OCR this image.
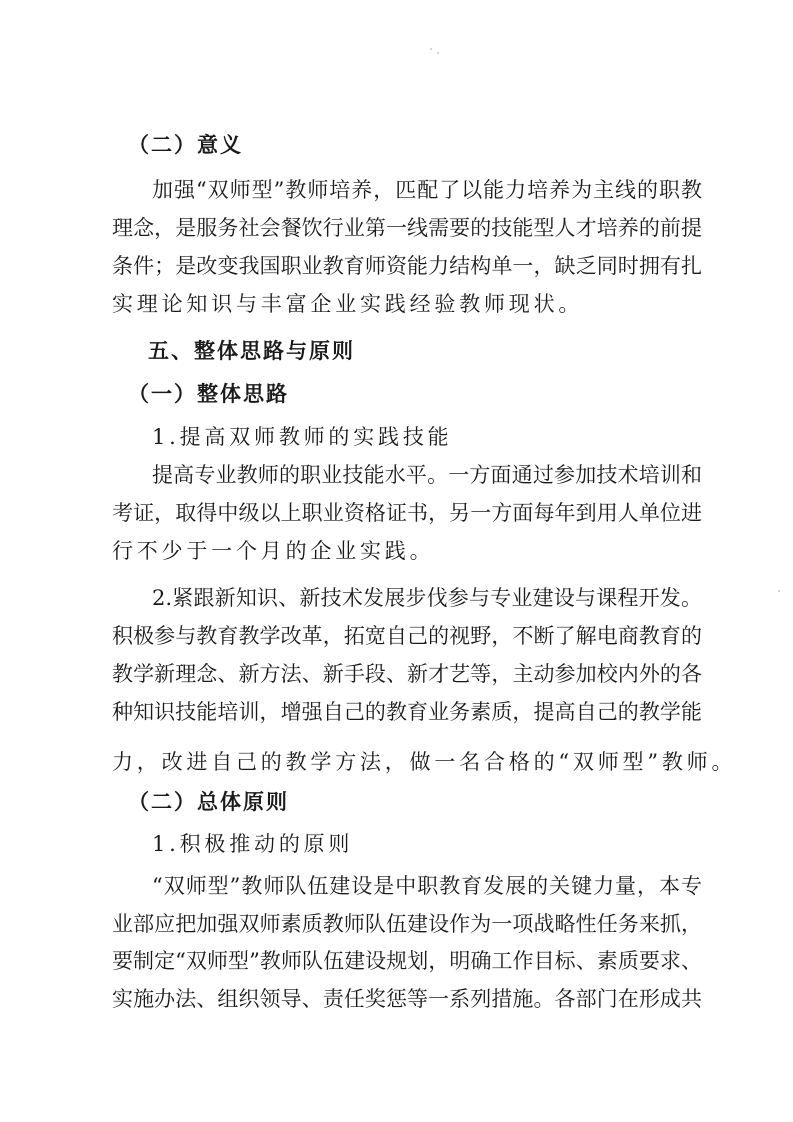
（二）意义
加强“双师型”教师培养，匹配了以能力培养为主线的职教
理念，是服务社会餐饮行业第一线需要的技能型人才培养的前提
条件；是改变我国职业教育师资能力结构单一，缺乏同时拥有扎
实理论知识与丰富企业实践经验教师现状。
五、整体思路与原则
（一）整体思路
1.提高双师教师的实践技能
提高专业教师的职业技能水平。一方面通过参加技术培训和
考证，取得中级以上职业资格证书，另一方面每年到用人单位进
行不少于一个月的企业实践。
2.紧跟新知识、新技术发展步伐参与专业建设与课程开发。
积极参与教育教学改革，拓宽自己的视野，不断了解电商教育的
教学新理念、新方法、新手段、新才艺等，主动参加校内外的各
种知识技能培训，增强自己的教育业务素质，提高自己的教学能
力，改进自己的教学方法，做一名合格的“双师型”教师。
（二）总体原则
1.积极推动的原则
“双师型”教师队伍建设是中职教育发展的关键力量，本专
业部应把加强双师素质教师队伍建设作为一项战略性任务来抓，
要制定“双师型”教师队伍建设规划，明确工作目标、素质要求、
实施办法、组织领导、责任奖惩等一系列措施。各部门在形成共
